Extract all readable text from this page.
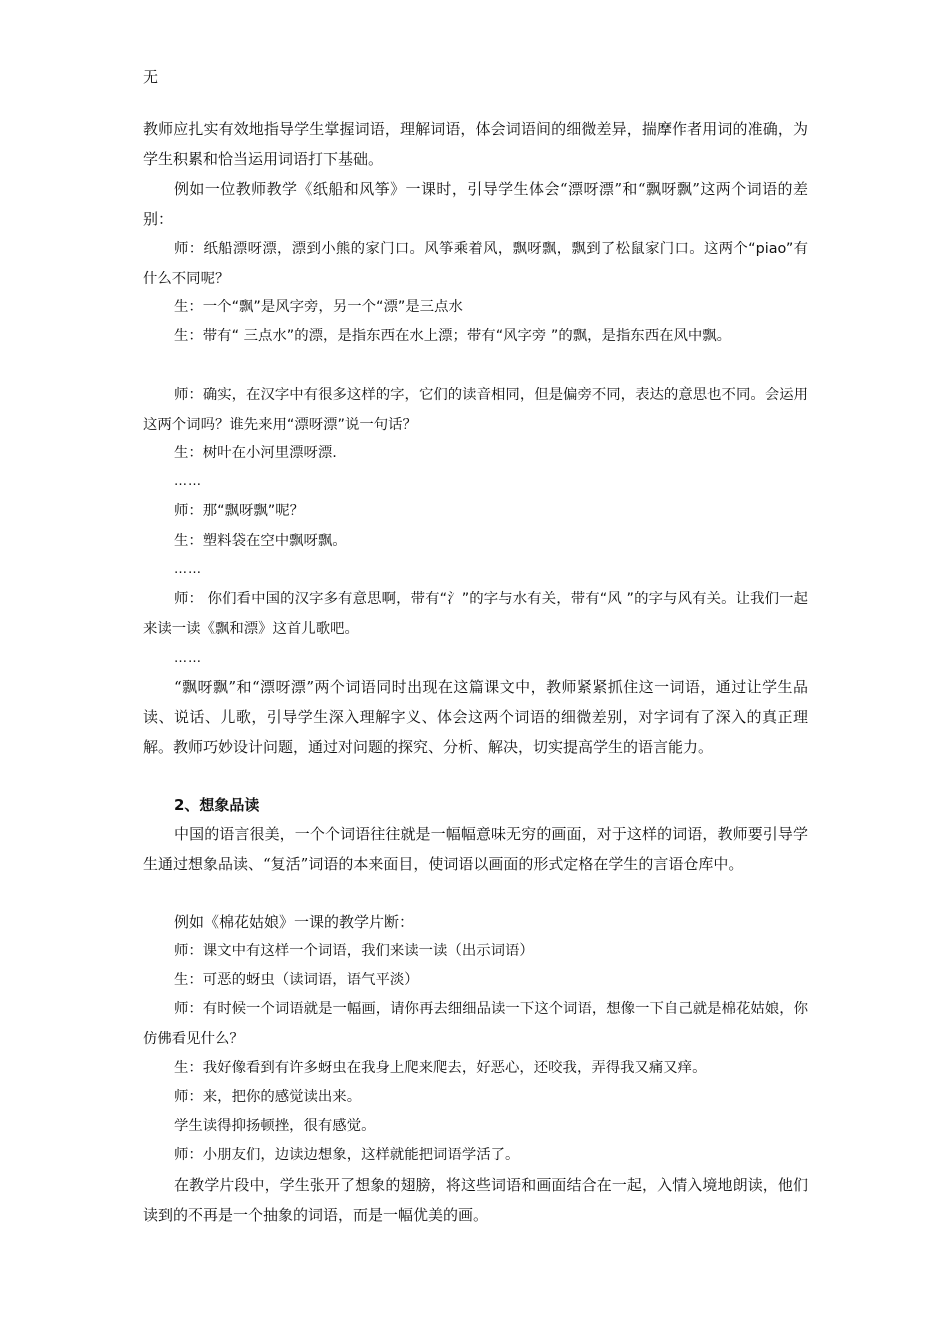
无

教师应扎实有效地指导学生掌握词语，理解词语，体会词语间的细微差异，揣摩作者用词的准确，为学生积累和恰当运用词语打下基础。

例如一位教师教学《纸船和风筝》一课时，引导学生体会“漂呀漂”和“飘呀飘”这两个词语的差别：

师：纸船漂呀漂，漂到小熊的家门口。风筝乘着风，飘呀飘，飘到了松鼠家门口。这两个“piao”有什么不同呢？

生：一个“飘”是风字旁，另一个“漂”是三点水

生：带有“ 三点水”的漂，是指东西在水上漂；带有“风字旁 ”的飘，是指东西在风中飘。

师：确实，在汉字中有很多这样的字，它们的读音相同，但是偏旁不同，表达的意思也不同。会运用这两个词吗？谁先来用“漂呀漂”说一句话？

生：树叶在小河里漂呀漂.

……

师：那“飘呀飘”呢？

生：塑料袋在空中飘呀飘。

……

师： 你们看中国的汉字多有意思啊，带有“氵”的字与水有关，带有“风 ”的字与风有关。让我们一起来读一读《飘和漂》这首儿歌吧。

……

“飘呀飘”和“漂呀漂”两个词语同时出现在这篇课文中，教师紧紧抓住这一词语，通过让学生品读、说话、儿歌，引导学生深入理解字义、体会这两个词语的细微差别，对字词有了深入的真正理解。教师巧妙设计问题，通过对问题的探究、分析、解决，切实提高学生的语言能力。

2、想象品读

中国的语言很美，一个个词语往往就是一幅幅意味无穷的画面，对于这样的词语，教师要引导学生通过想象品读、“复活”词语的本来面目，使词语以画面的形式定格在学生的言语仓库中。

例如《棉花姑娘》一课的教学片断：

师：课文中有这样一个词语，我们来读一读（出示词语）

生：可恶的蚜虫（读词语，语气平淡）

师：有时候一个词语就是一幅画，请你再去细细品读一下这个词语，想像一下自己就是棉花姑娘，你仿佛看见什么？

生：我好像看到有许多蚜虫在我身上爬来爬去，好恶心，还咬我，弄得我又痛又痒。

师：来，把你的感觉读出来。

学生读得抑扬顿挫，很有感觉。

师：小朋友们，边读边想象，这样就能把词语学活了。

在教学片段中，学生张开了想象的翅膀，将这些词语和画面结合在一起，入情入境地朗读，他们读到的不再是一个抽象的词语，而是一幅优美的画。
